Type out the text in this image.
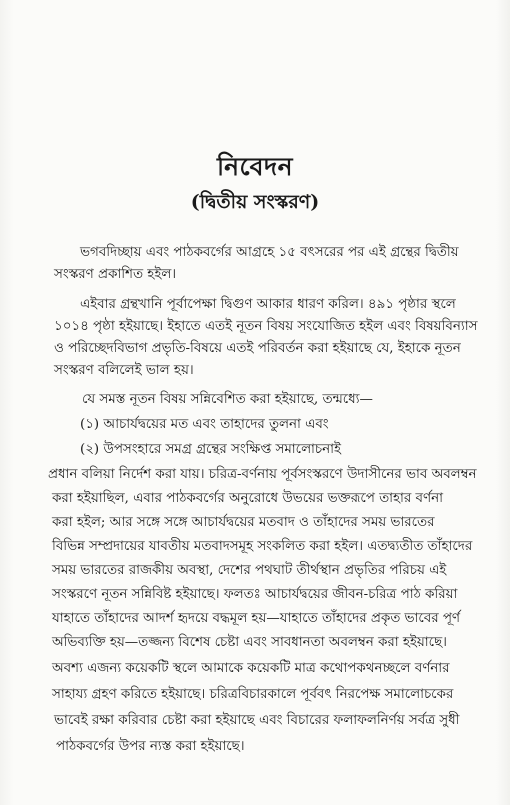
নিবেদন
(দ্বিতীয় সংস্করণ)
ভগবদিচ্ছায় এবং পাঠকবর্গের আগ্রহে ১৫ বৎসরের পর এই গ্রন্থের দ্বিতীয়
সংস্করণ প্রকাশিত হইল।
এইবার গ্রন্থখানি পূর্বাপেক্ষা দ্বিগুণ আকার ধারণ করিল। ৪৯১ পৃষ্ঠার স্থলে
১০১৪ পৃষ্ঠা হইয়াছে। ইহাতে এতই নূতন বিষয় সংযোজিত হইল এবং বিষয়বিন্যাস
ও পরিচ্ছেদবিভাগ প্রভৃতি-বিষয়ে এতই পরিবর্তন করা হইয়াছে যে, ইহাকে নূতন
সংস্করণ বলিলেই ভাল হয়।
যে সমস্ত নূতন বিষয় সন্নিবেশিত করা হইয়াছে, তন্মধ্যে—
(১) আচার্যদ্বয়ের মত এবং তাহাদের তুলনা এবং
(২) উপসংহারে সমগ্র গ্রন্থের সংক্ষিপ্ত সমালোচনাই
প্রধান বলিয়া নির্দেশ করা যায়। চরিত্র-বর্ণনায় পূর্বসংস্করণে উদাসীনের ভাব অবলম্বন
করা হইয়াছিল, এবার পাঠকবর্গের অনুরোধে উভয়ের ভক্তরূপে তাহার বর্ণনা
করা হইল; আর সঙ্গে সঙ্গে আচার্যদ্বয়ের মতবাদ ও তাঁহাদের সময় ভারতের
বিভিন্ন সম্প্রদায়ের যাবতীয় মতবাদসমূহ সংকলিত করা হইল। এতদ্ব্যতীত তাঁহাদের
সময় ভারতের রাজকীয় অবস্থা, দেশের পথঘাট তীর্থস্থান প্রভৃতির পরিচয় এই
সংস্করণে নূতন সন্নিবিষ্ট হইয়াছে। ফলতঃ আচার্যদ্বয়ের জীবন-চরিত্র পাঠ করিয়া
যাহাতে তাঁহাদের আদর্শ হৃদয়ে বদ্ধমূল হয়—যাহাতে তাঁহাদের প্রকৃত ভাবের পূর্ণ
অভিব্যক্তি হয়—তজ্জন্য বিশেষ চেষ্টা এবং সাবধানতা অবলম্বন করা হইয়াছে।
অবশ্য এজন্য কয়েকটি স্থলে আমাকে কয়েকটি মাত্র কথোপকথনচ্ছলে বর্ণনার
সাহায্য গ্রহণ করিতে হইয়াছে। চরিত্রবিচারকালে পূর্ববৎ নিরপেক্ষ সমালোচকের
ভাবেই রক্ষা করিবার চেষ্টা করা হইয়াছে এবং বিচারের ফলাফলনির্ণয় সর্বত্র সুধী
পাঠকবর্গের উপর ন্যস্ত করা হইয়াছে।
